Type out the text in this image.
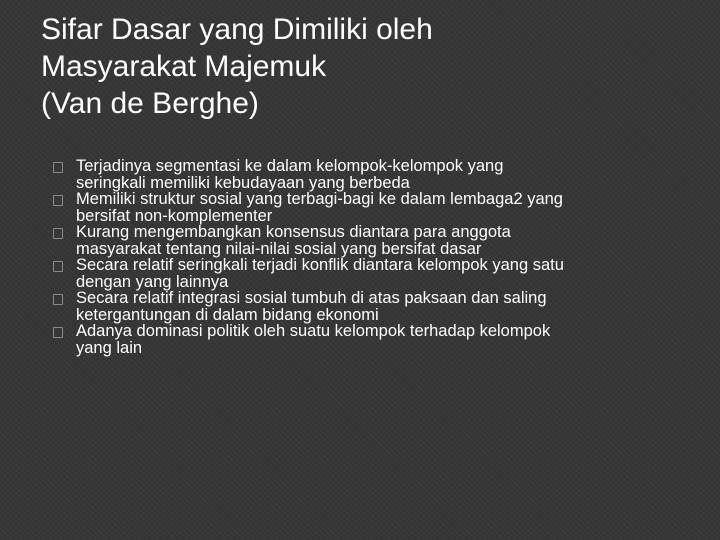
Sifar Dasar yang Dimiliki oleh
Masyarakat Majemuk
(Van de Berghe)
Terjadinya segmentasi ke dalam kelompok-kelompok yang
seringkali memiliki kebudayaan yang berbeda
Memiliki struktur sosial yang terbagi-bagi ke dalam lembaga2 yang
bersifat non-komplementer
Kurang mengembangkan konsensus diantara para anggota
masyarakat tentang nilai-nilai sosial yang bersifat dasar
Secara relatif seringkali terjadi konflik diantara kelompok yang satu
dengan yang lainnya
Secara relatif integrasi sosial tumbuh di atas paksaan dan saling
ketergantungan di dalam bidang ekonomi
Adanya dominasi politik oleh suatu kelompok terhadap kelompok
yang lain
